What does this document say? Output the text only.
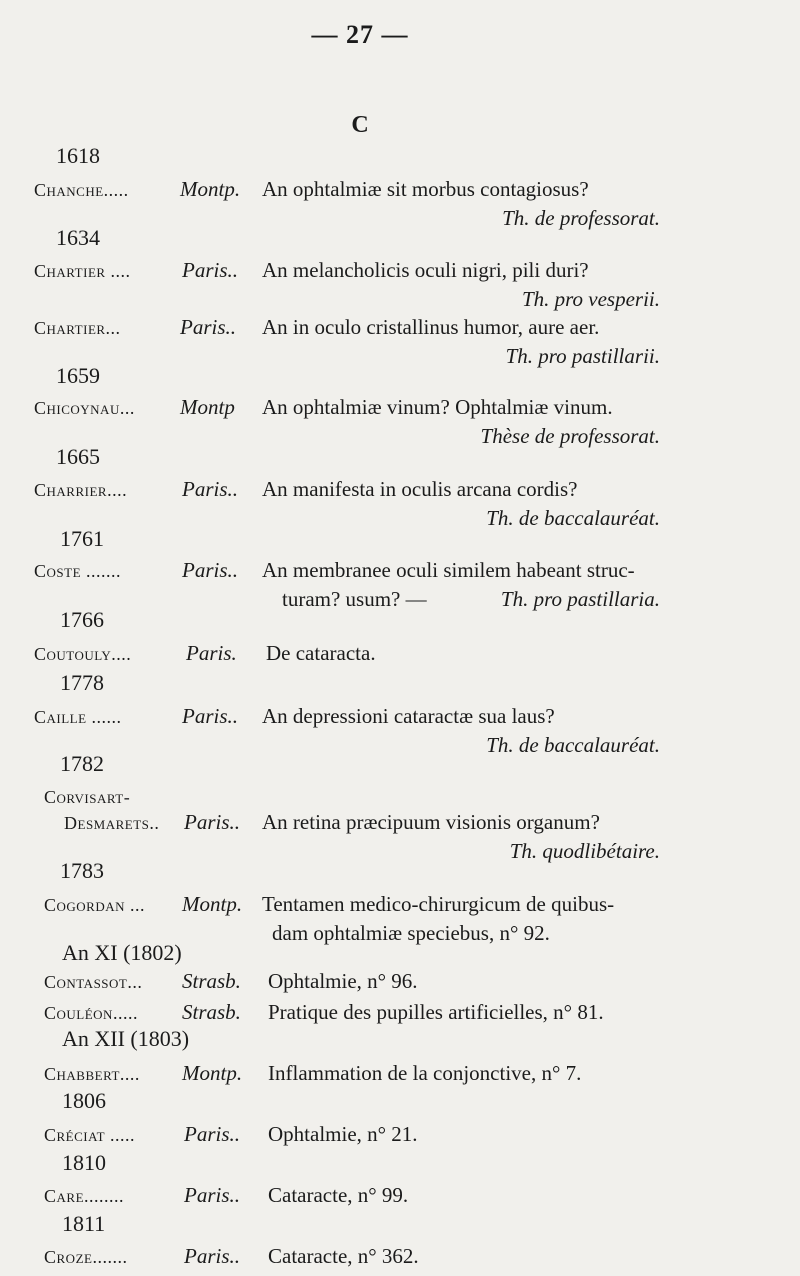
— 27 —
C
1618
Chanche..... Montp. An ophtalmiæ sit morbus contagiosus?
Th. de professorat.
1634
Chartier .... Paris.. An melancholicis oculi nigri, pili duri?
Th. pro vesperii.
Chartier...	Paris.. An in oculo cristallinus humor, aure aer.
Th. pro pastillarii.
1659
Chicoynau... Montp An ophtalmiæ vinum? Ophtalmiæ vinum.
Thèse de professorat.
1665
Charrier....	Paris.. An manifesta in oculis arcana cordis?
Th. de baccalauréat.
1761
Coste .......	Paris.. An membranee oculi similem habeant struc-
turam? usum? —	Th. pro pastillaria.
1766
Coutouly....	Paris. De cataracta.
1778
Caille ......	Paris.. An depressioni cataractæ sua laus?
Th. de baccalauréat.
1782
Corvisart-
Desmarets.. Paris.. An retina præcipuum visionis organum?
Th. quodlibétaire.
1783
Cogordan ... Montp. Tentamen medico-chirurgicum de quibus-
dam ophtalmiæ speciebus, n° 92.
An XI (1802)
Contassot... Strasb. Ophtalmie, n° 96.
Couléon..... Strasb. Pratique des pupilles artificielles, n° 81.
An XII (1803)
Chabbert.... Montp. Inflammation de la conjonctive, n° 7.
1806
Créciat ..... Paris.. Ophtalmie, n° 21.
1810
Care........	Paris.. Cataracte, n° 99.
1811
Croze.......	Paris.. Cataracte, n° 362.
